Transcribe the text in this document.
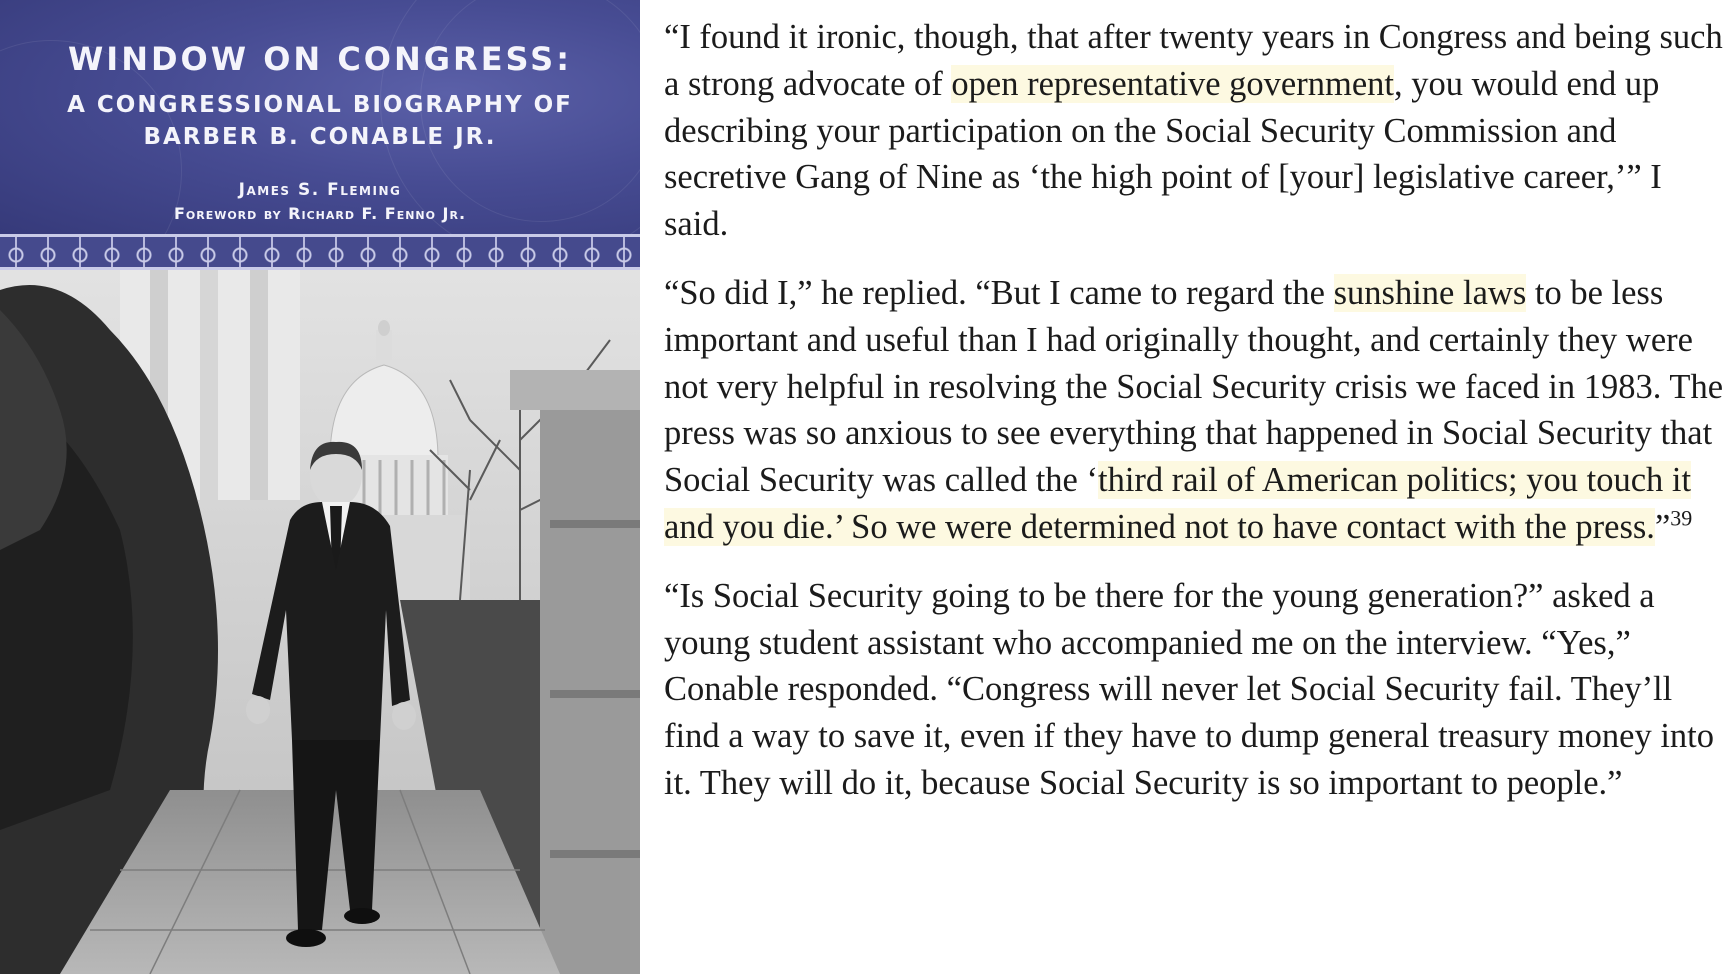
WINDOW ON CONGRESS:
A CONGRESSIONAL BIOGRAPHY OF
BARBER B. CONABLE JR.
James S. Fleming
Foreword by Richard F. Fenno Jr.

“I found it ironic, though, that after twenty years in Congress and being such a strong advocate of open representative government, you would end up describing your participation on the Social Security Commission and secretive Gang of Nine as ‘the high point of [your] legislative career,’” I said.

“So did I,” he replied. “But I came to regard the sunshine laws to be less important and useful than I had originally thought, and certainly they were not very helpful in resolving the Social Security crisis we faced in 1983. The press was so anxious to see everything that happened in Social Security that Social Security was called the ‘third rail of American politics; you touch it and you die.’ So we were determined not to have contact with the press.”$^{39}$

“Is Social Security going to be there for the young generation?” asked a young student assistant who accompanied me on the interview. “Yes,” Conable responded. “Congress will never let Social Security fail. They’ll find a way to save it, even if they have to dump general treasury money into it. They will do it, because Social Security is so important to people.”
